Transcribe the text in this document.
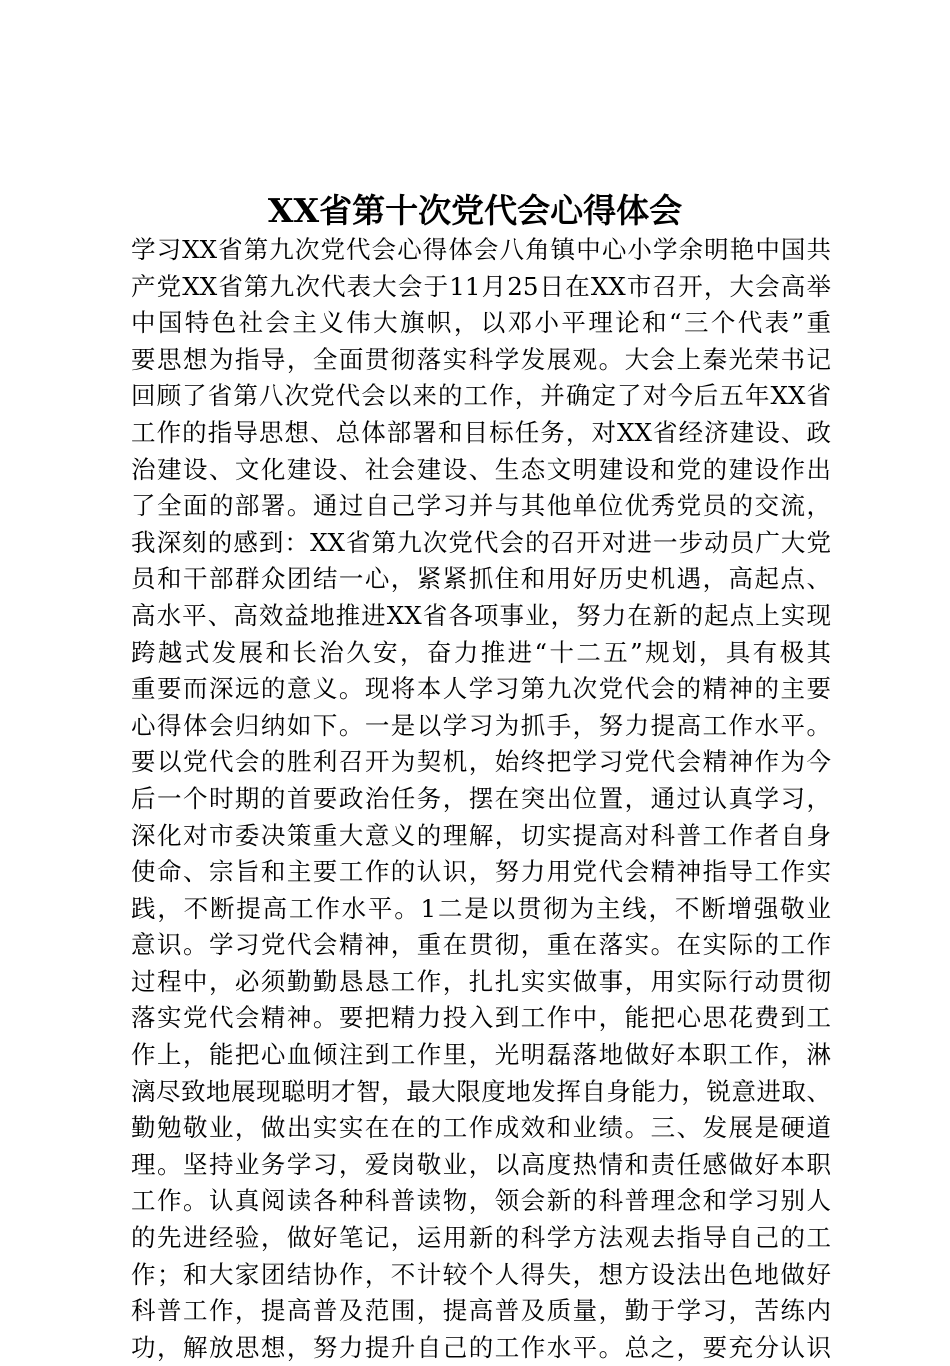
XX省第十次党代会心得体会
学习XX省第九次党代会心得体会八角镇中心小学余明艳中国共
产党XX省第九次代表大会于11月25日在XX市召开，大会高举
中国特色社会主义伟大旗帜，以邓小平理论和“三个代表”重
要思想为指导，全面贯彻落实科学发展观。大会上秦光荣书记
回顾了省第八次党代会以来的工作，并确定了对今后五年XX省
工作的指导思想、总体部署和目标任务，对XX省经济建设、政
治建设、文化建设、社会建设、生态文明建设和党的建设作出
了全面的部署。通过自己学习并与其他单位优秀党员的交流，
我深刻的感到：XX省第九次党代会的召开对进一步动员广大党
员和干部群众团结一心，紧紧抓住和用好历史机遇，高起点、
高水平、高效益地推进XX省各项事业，努力在新的起点上实现
跨越式发展和长治久安，奋力推进“十二五”规划，具有极其
重要而深远的意义。现将本人学习第九次党代会的精神的主要
心得体会归纳如下。一是以学习为抓手，努力提高工作水平。
要以党代会的胜利召开为契机，始终把学习党代会精神作为今
后一个时期的首要政治任务，摆在突出位置，通过认真学习，
深化对市委决策重大意义的理解，切实提高对科普工作者自身
使命、宗旨和主要工作的认识，努力用党代会精神指导工作实
践，不断提高工作水平。1二是以贯彻为主线，不断增强敬业
意识。学习党代会精神，重在贯彻，重在落实。在实际的工作
过程中，必须勤勤恳恳工作，扎扎实实做事，用实际行动贯彻
落实党代会精神。要把精力投入到工作中，能把心思花费到工
作上，能把心血倾注到工作里，光明磊落地做好本职工作，淋
漓尽致地展现聪明才智，最大限度地发挥自身能力，锐意进取、
勤勉敬业，做出实实在在的工作成效和业绩。三、发展是硬道
理。坚持业务学习，爱岗敬业，以高度热情和责任感做好本职
工作。认真阅读各种科普读物，领会新的科普理念和学习别人
的先进经验，做好笔记，运用新的科学方法观去指导自己的工
作；和大家团结协作，不计较个人得失，想方设法出色地做好
科普工作，提高普及范围，提高普及质量，勤于学习，苦练内
功，解放思想，努力提升自己的工作水平。总之，要充分认识
